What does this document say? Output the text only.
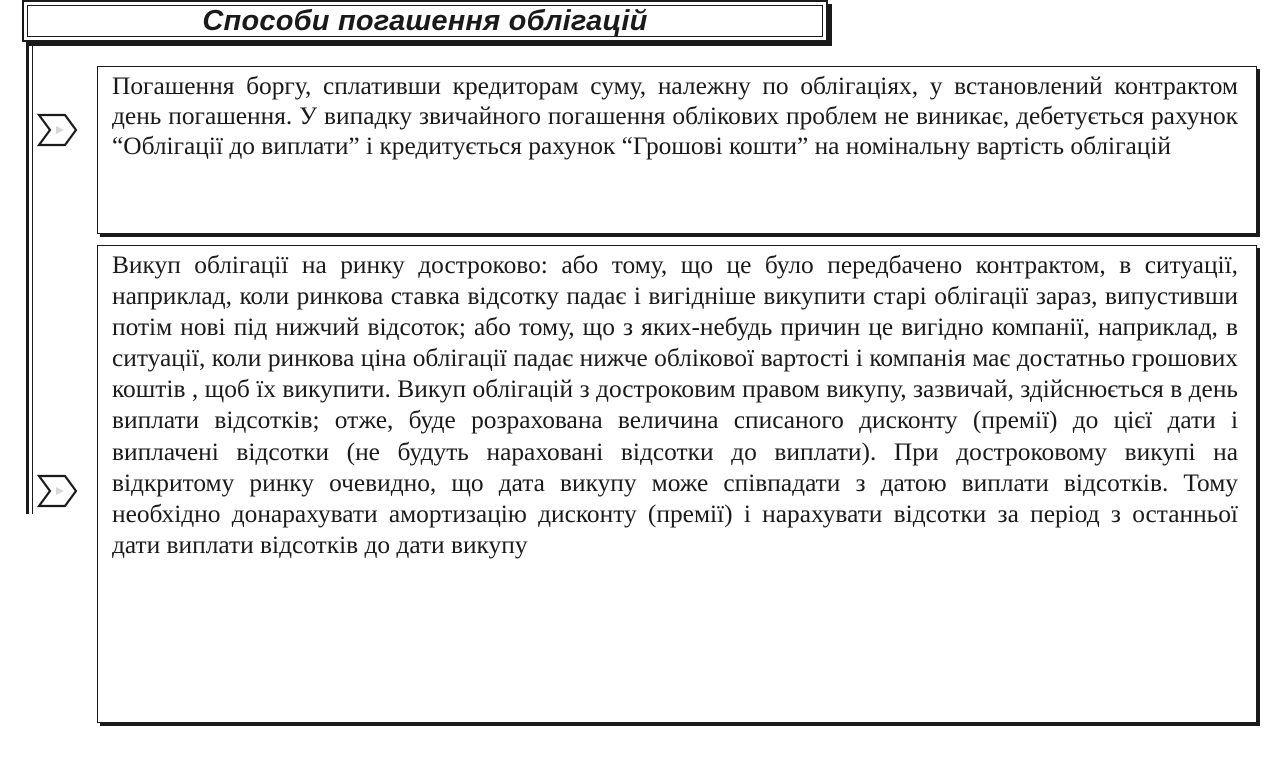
Способи погашення облігацій
Погашення боргу, сплативши кредиторам суму, належну по облігаціях, у встановлений контрактом день погашення. У випадку звичайного погашення облікових проблем не виникає, дебетується рахунок “Облігації до виплати” і кредитується рахунок “Грошові кошти” на номінальну вартість облігацій
Викуп облігації на ринку достроково: або тому, що це було передбачено контрактом, в ситуації, наприклад, коли ринкова ставка відсотку падає і вигідніше викупити старі облігації зараз, випустивши потім нові під нижчий відсоток; або тому, що з яких-небудь причин це вигідно компанії, наприклад, в ситуації, коли ринкова ціна облігації падає нижче облікової вартості і компанія має достатньо грошових коштів , щоб їх викупити. Викуп облігацій з достроковим правом викупу, зазвичай, здійснюється в день виплати відсотків; отже, буде розрахована величина списаного дисконту (премії) до цієї дати і виплачені відсотки (не будуть нараховані відсотки до виплати). При достроковому викупі на відкритому ринку очевидно, що дата викупу може співпадати з датою виплати відсотків. Тому необхідно донарахувати амортизацію дисконту (премії) і нарахувати відсотки за період з останньої дати виплати відсотків до дати викупу
